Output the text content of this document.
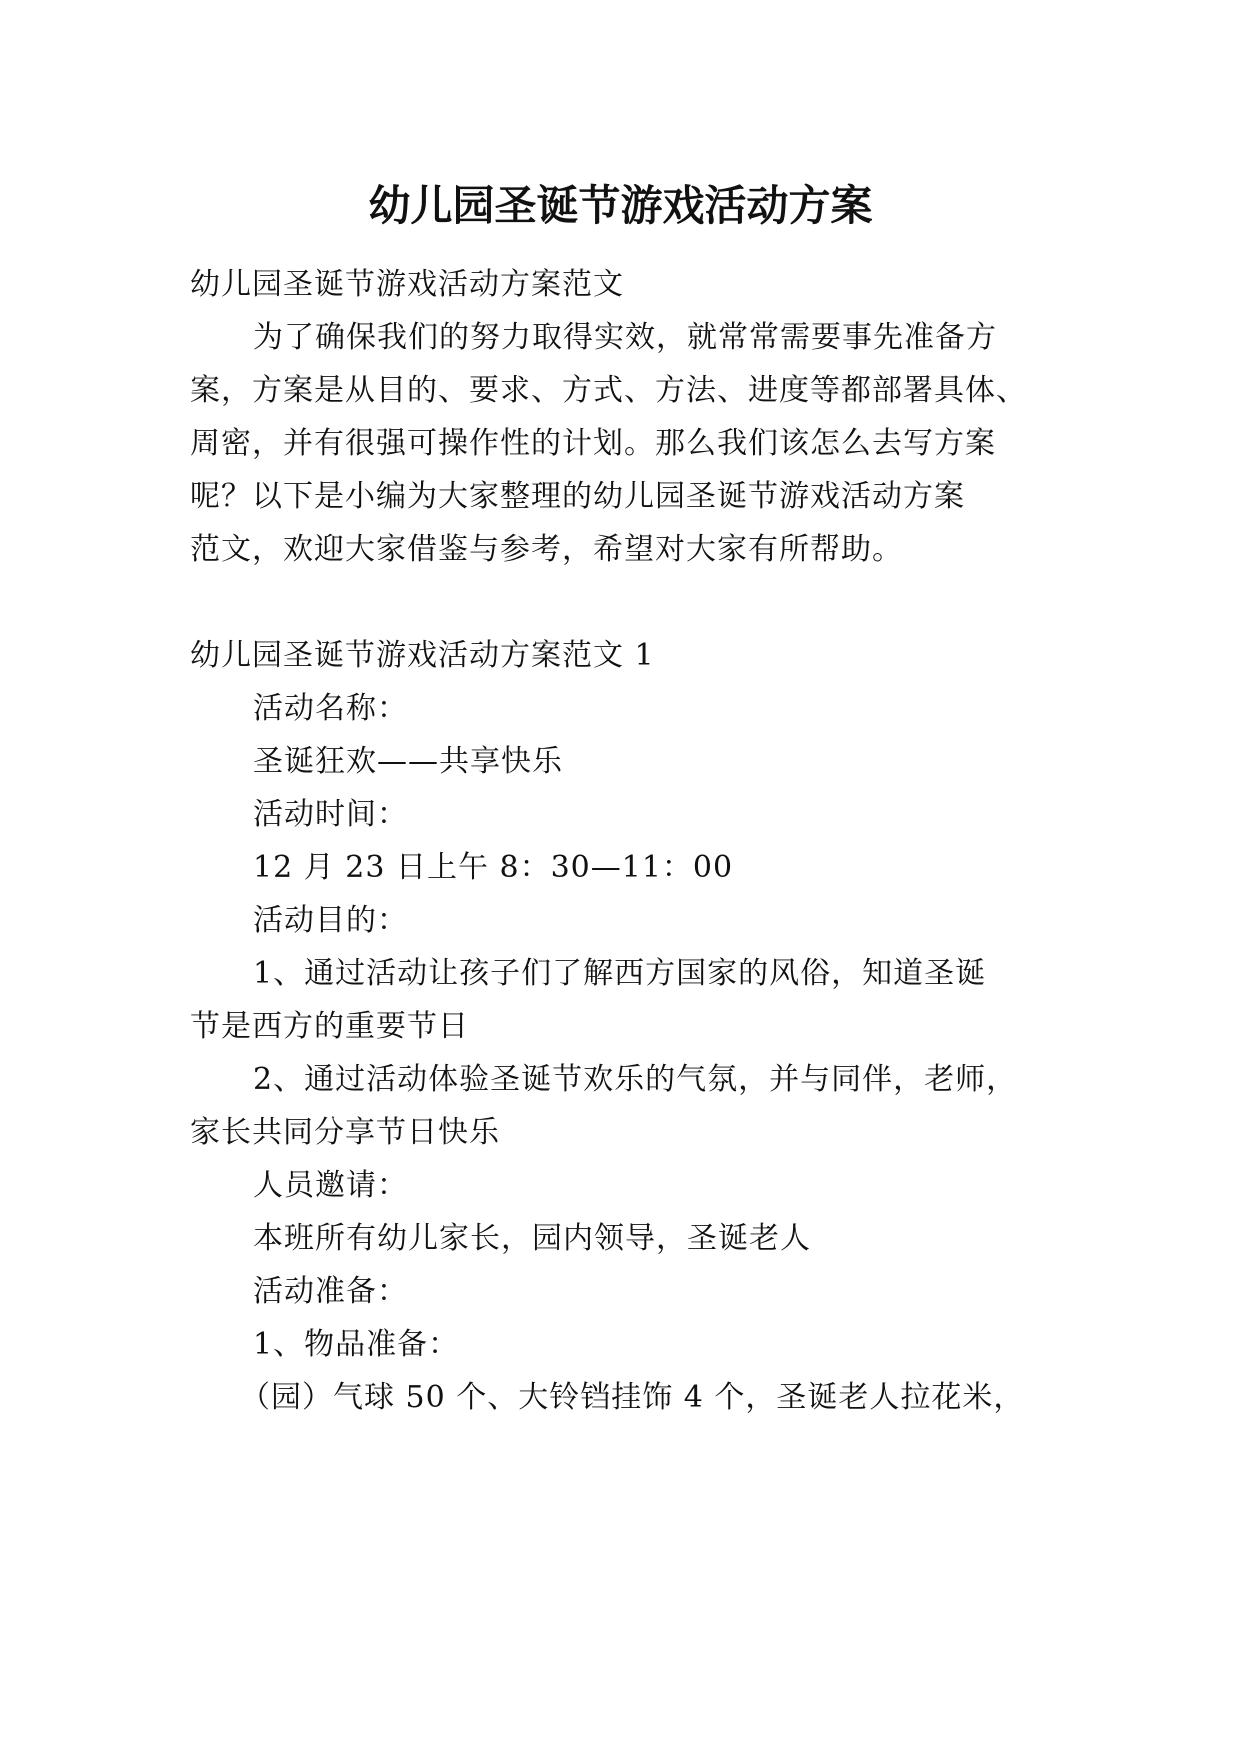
幼儿园圣诞节游戏活动方案
幼儿园圣诞节游戏活动方案范文
为了确保我们的努力取得实效，就常常需要事先准备方
案，方案是从目的、要求、方式、方法、进度等都部署具体、
周密，并有很强可操作性的计划。那么我们该怎么去写方案
呢？以下是小编为大家整理的幼儿园圣诞节游戏活动方案
范文，欢迎大家借鉴与参考，希望对大家有所帮助。
幼儿园圣诞节游戏活动方案范文 1
活动名称：
圣诞狂欢——共享快乐
活动时间：
12 月 23 日上午 8：30—11：00
活动目的：
1、通过活动让孩子们了解西方国家的风俗，知道圣诞
节是西方的重要节日
2、通过活动体验圣诞节欢乐的气氛，并与同伴，老师，
家长共同分享节日快乐
人员邀请：
本班所有幼儿家长，园内领导，圣诞老人
活动准备：
1、物品准备：
（园）气球 50 个、大铃铛挂饰 4 个，圣诞老人拉花米，
